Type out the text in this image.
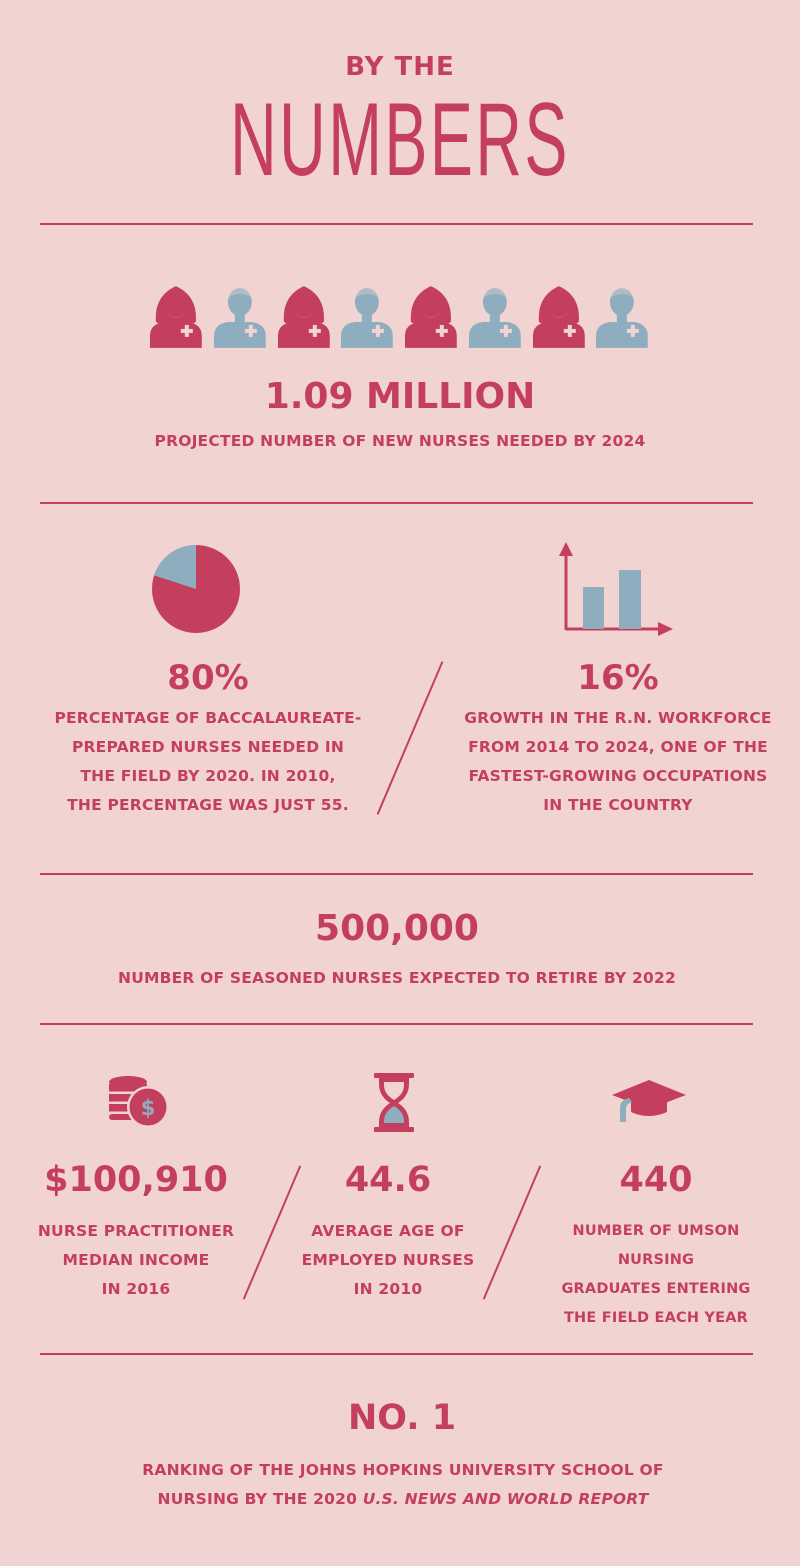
BY THE
NUMBERS
1.09 MILLION
PROJECTED NUMBER OF NEW NURSES NEEDED BY 2024
80%
PERCENTAGE OF BACCALAUREATE-
PREPARED NURSES NEEDED IN
THE FIELD BY 2020. IN 2010,
THE PERCENTAGE WAS JUST 55.
16%
GROWTH IN THE R.N. WORKFORCE
FROM 2014 TO 2024, ONE OF THE
FASTEST-GROWING OCCUPATIONS
IN THE COUNTRY
500,000
NUMBER OF SEASONED NURSES EXPECTED TO RETIRE BY 2022
$
$100,910
NURSE PRACTITIONER
MEDIAN INCOME
IN 2016
44.6
AVERAGE AGE OF
EMPLOYED NURSES
IN 2010
440
NUMBER OF UMSON NURSING
GRADUATES ENTERING
THE FIELD EACH YEAR
NO. 1
RANKING OF THE JOHNS HOPKINS UNIVERSITY SCHOOL OF
NURSING BY THE 2020 U.S. NEWS AND WORLD REPORT
